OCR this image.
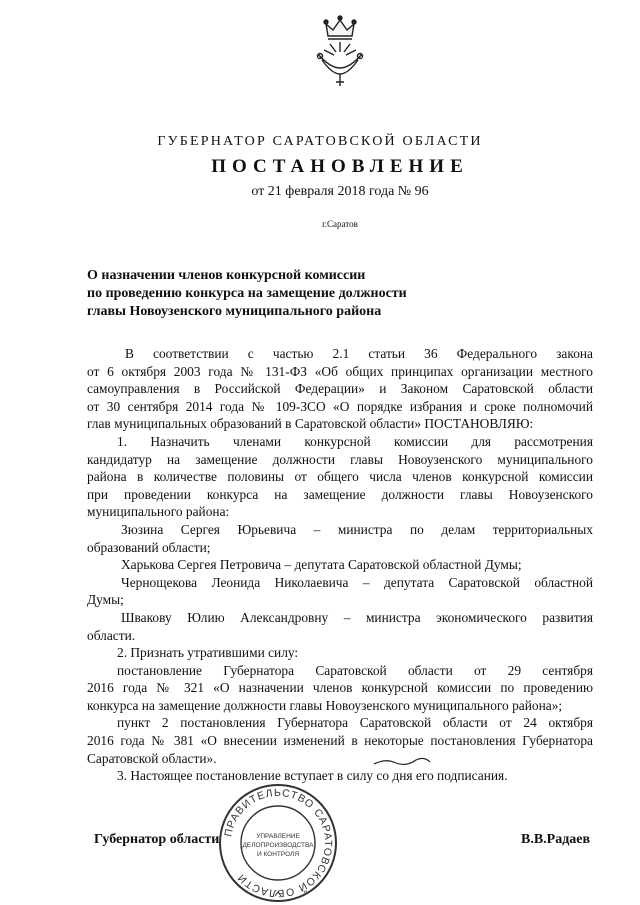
ГУБЕРНАТОР САРАТОВСКОЙ ОБЛАСТИ
ПОСТАНОВЛЕНИЕ
от 21 февраля 2018 года № 96
г.Саратов
О назначении членов конкурсной комиссии
по проведению конкурса на замещение должности
главы Новоузенского муниципального района
В соответствии с частью 2.1 статьи 36 Федерального закона
от 6 октября 2003 года № 131-ФЗ «Об общих принципах организации местного
самоуправления в Российской Федерации» и Законом Саратовской области
от 30 сентября 2014 года № 109-ЗСО «О порядке избрания и сроке полномочий
глав муниципальных образований в Саратовской области» ПОСТАНОВЛЯЮ:
1. Назначить членами конкурсной комиссии для рассмотрения
кандидатур на замещение должности главы Новоузенского муниципального
района в количестве половины от общего числа членов конкурсной комиссии
при проведении конкурса на замещение должности главы Новоузенского
муниципального района:
Зюзина Сергея Юрьевича – министра по делам территориальных
образований области;
Харькова Сергея Петровича – депутата Саратовской областной Думы;
Чернощекова Леонида Николаевича – депутата Саратовской областной
Думы;
Швакову Юлию Александровну – министра экономического развития
области.
2. Признать утратившими силу:
постановление Губернатора Саратовской области от 29 сентября
2016 года № 321 «О назначении членов конкурсной комиссии по проведению
конкурса на замещение должности главы Новоузенского муниципального района»;
пункт 2 постановления Губернатора Саратовской области от 24 октября
2016 года № 381 «О внесении изменений в некоторые постановления Губернатора
Саратовской области».
3. Настоящее постановление вступает в силу со дня его подписания.
ПРАВИТЕЛЬСТВО САРАТОВСКОЙ ОБЛАСТИ
УПРАВЛЕНИЕ
ДЕЛОПРОИЗВОДСТВА
И КОНТРОЛЯ
Губернатор области	В.В.Радаев
